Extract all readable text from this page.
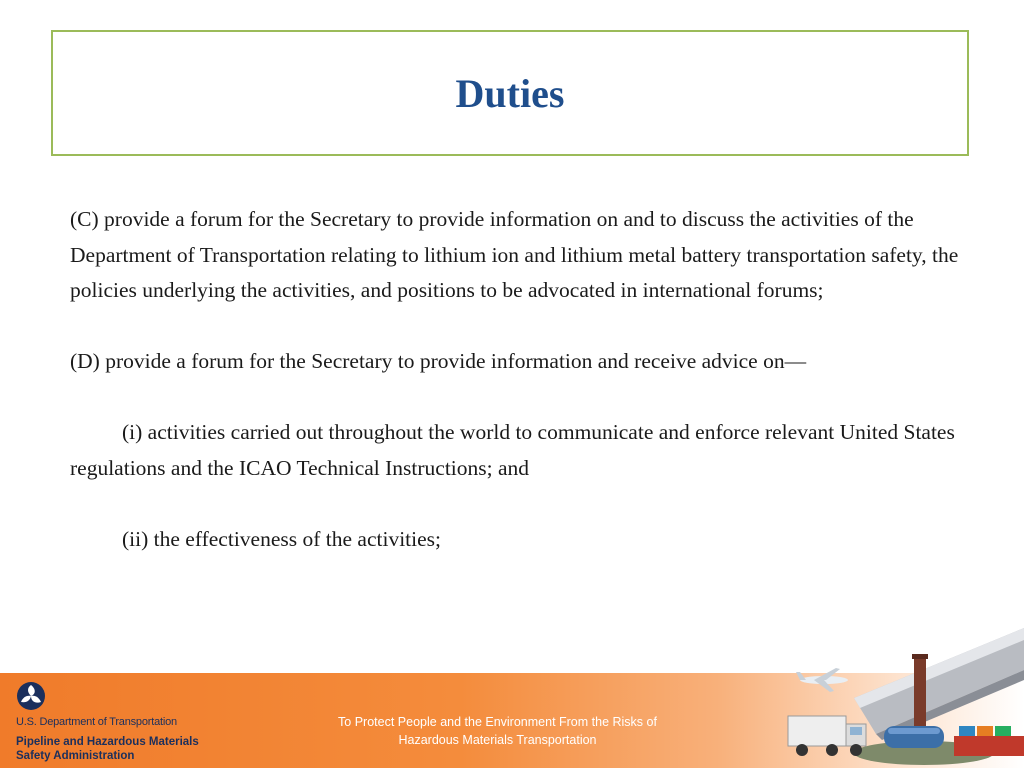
Duties

(C) provide a forum for the Secretary to provide information on and to discuss the activities of the Department of Transportation relating to lithium ion and lithium metal battery transportation safety, the policies underlying the activities, and positions to be advocated in international forums;

(D) provide a forum for the Secretary to provide information and receive advice on—

(i) activities carried out throughout the world to communicate and enforce relevant United States regulations and the ICAO Technical Instructions; and

(ii) the effectiveness of the activities;

U.S. Department of Transportation
Pipeline and Hazardous Materials
Safety Administration
To Protect People and the Environment From the Risks of
Hazardous Materials Transportation
